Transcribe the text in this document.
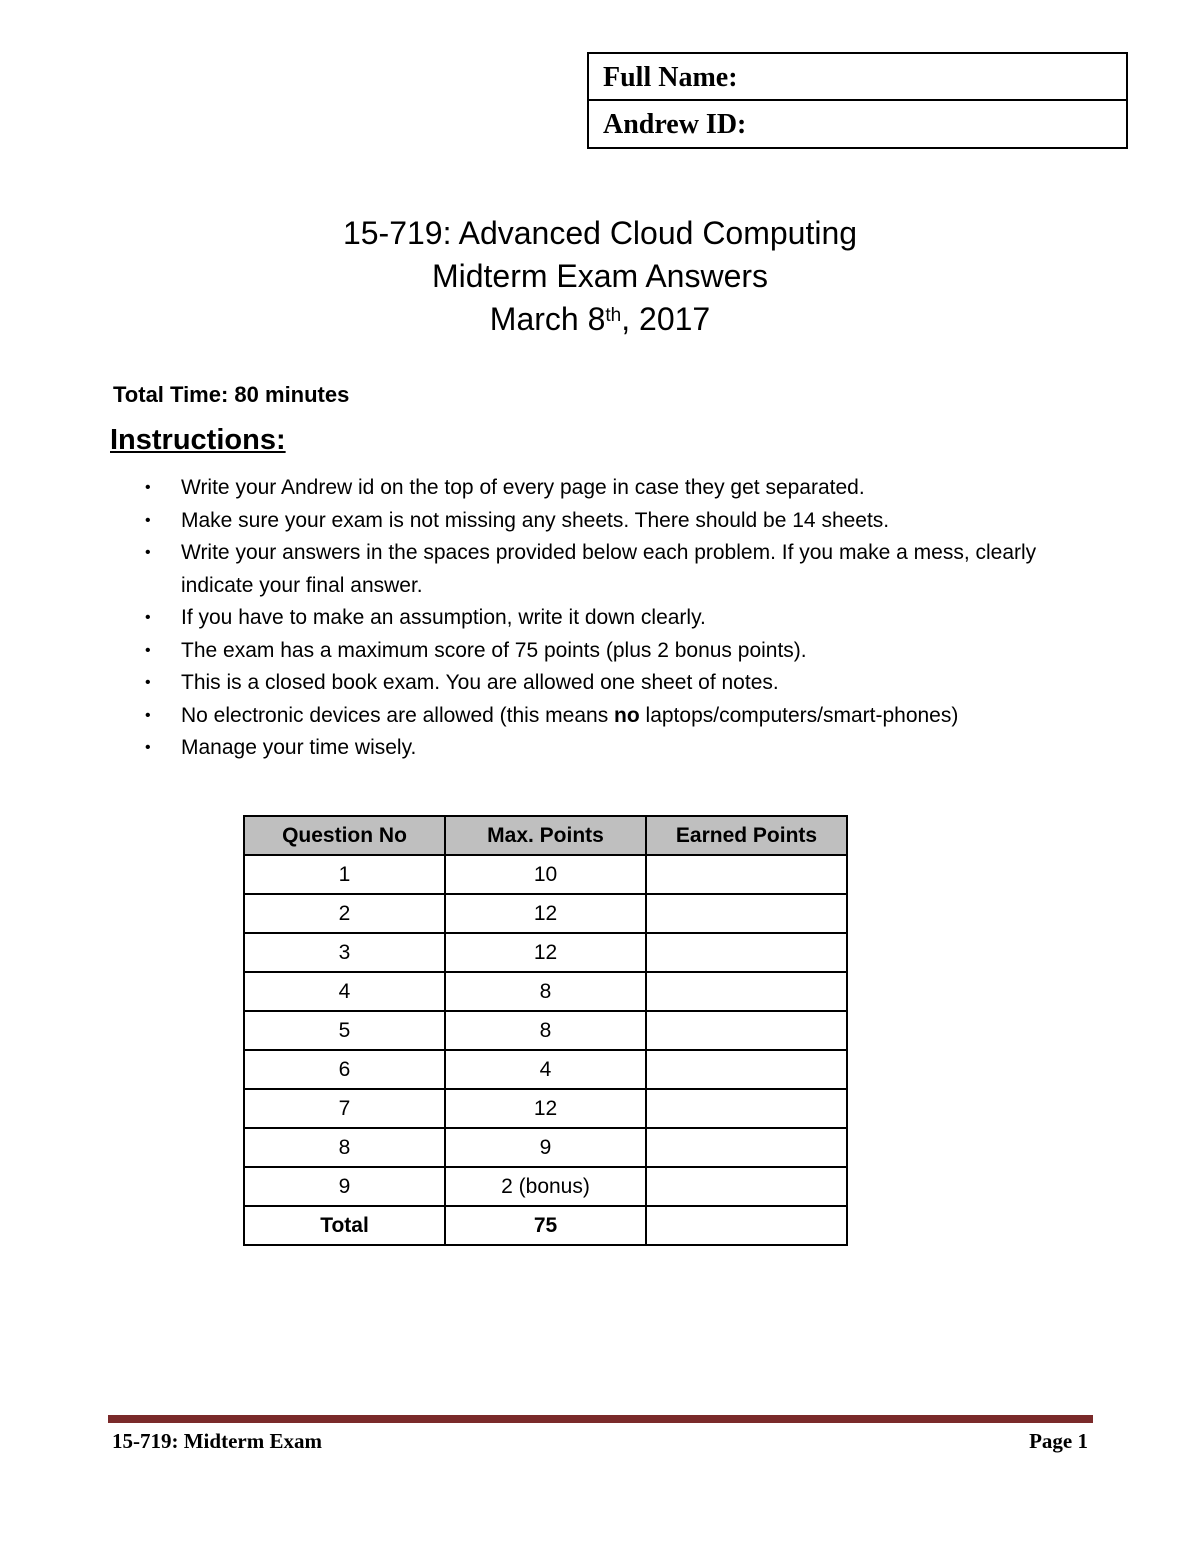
Full Name:
Andrew ID:
15-719: Advanced Cloud Computing
Midterm Exam Answers
March 8th, 2017
Total Time: 80 minutes
Instructions:
• Write your Andrew id on the top of every page in case they get separated.
• Make sure your exam is not missing any sheets. There should be 14 sheets.
• Write your answers in the spaces provided below each problem. If you make a mess, clearly indicate your final answer.
• If you have to make an assumption, write it down clearly.
• The exam has a maximum score of 75 points (plus 2 bonus points).
• This is a closed book exam. You are allowed one sheet of notes.
• No electronic devices are allowed (this means no laptops/computers/smart-phones)
• Manage your time wisely.
Question No	Max. Points	Earned Points
1	10	
2	12	
3	12	
4	8	
5	8	
6	4	
7	12	
8	9	
9	2 (bonus)	
Total	75	
15-719: Midterm Exam	Page 1
